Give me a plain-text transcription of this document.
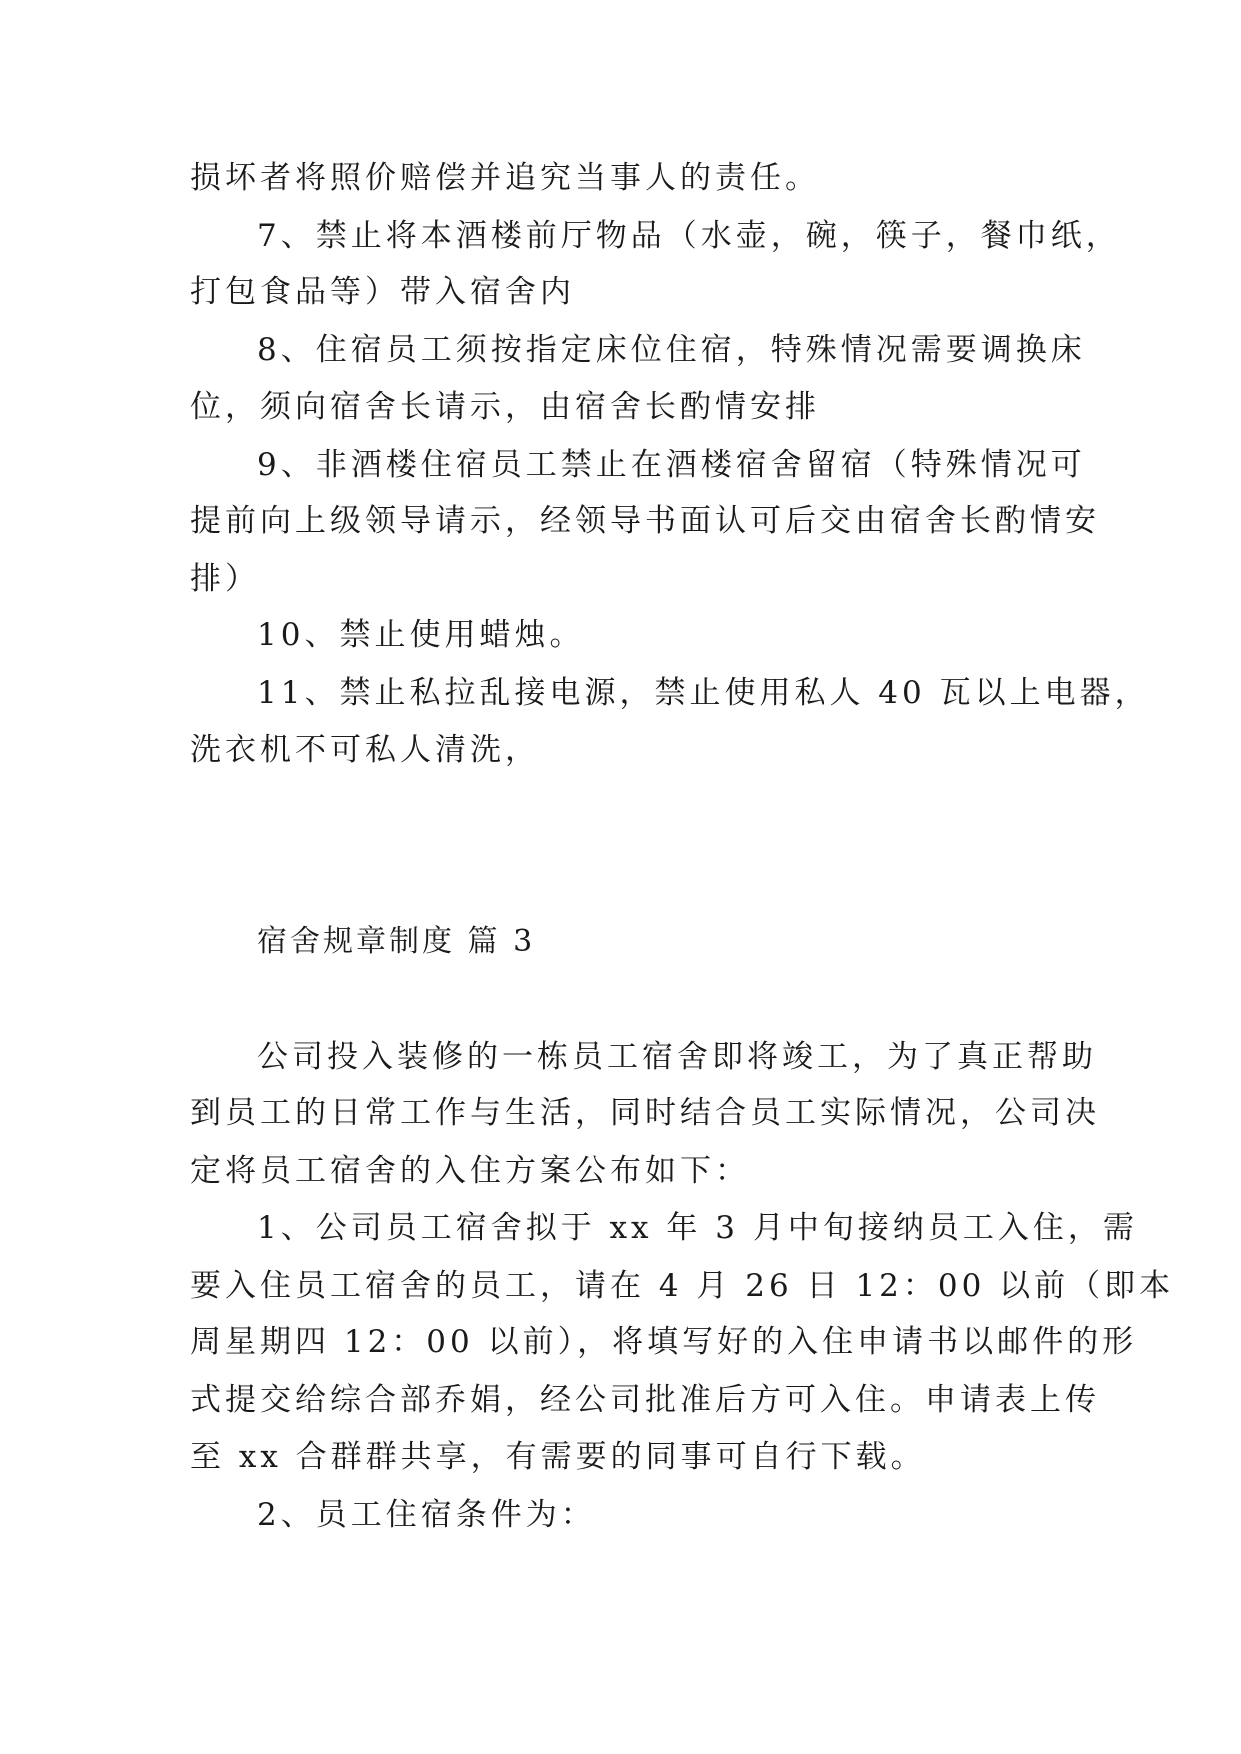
损坏者将照价赔偿并追究当事人的责任。
7、禁止将本酒楼前厅物品（水壶，碗，筷子，餐巾纸，
打包食品等）带入宿舍内
8、住宿员工须按指定床位住宿，特殊情况需要调换床
位，须向宿舍长请示，由宿舍长酌情安排
9、非酒楼住宿员工禁止在酒楼宿舍留宿（特殊情况可
提前向上级领导请示，经领导书面认可后交由宿舍长酌情安
排）
10、禁止使用蜡烛。
11、禁止私拉乱接电源，禁止使用私人 40 瓦以上电器，
洗衣机不可私人清洗，
宿舍规章制度 篇 3
公司投入装修的一栋员工宿舍即将竣工，为了真正帮助
到员工的日常工作与生活，同时结合员工实际情况，公司决
定将员工宿舍的入住方案公布如下：
1、公司员工宿舍拟于 xx 年 3 月中旬接纳员工入住，需
要入住员工宿舍的员工，请在 4 月 26 日 12：00 以前（即本
周星期四 12：00 以前），将填写好的入住申请书以邮件的形
式提交给综合部乔娟，经公司批准后方可入住。申请表上传
至 xx 合群群共享，有需要的同事可自行下载。
2、员工住宿条件为：
